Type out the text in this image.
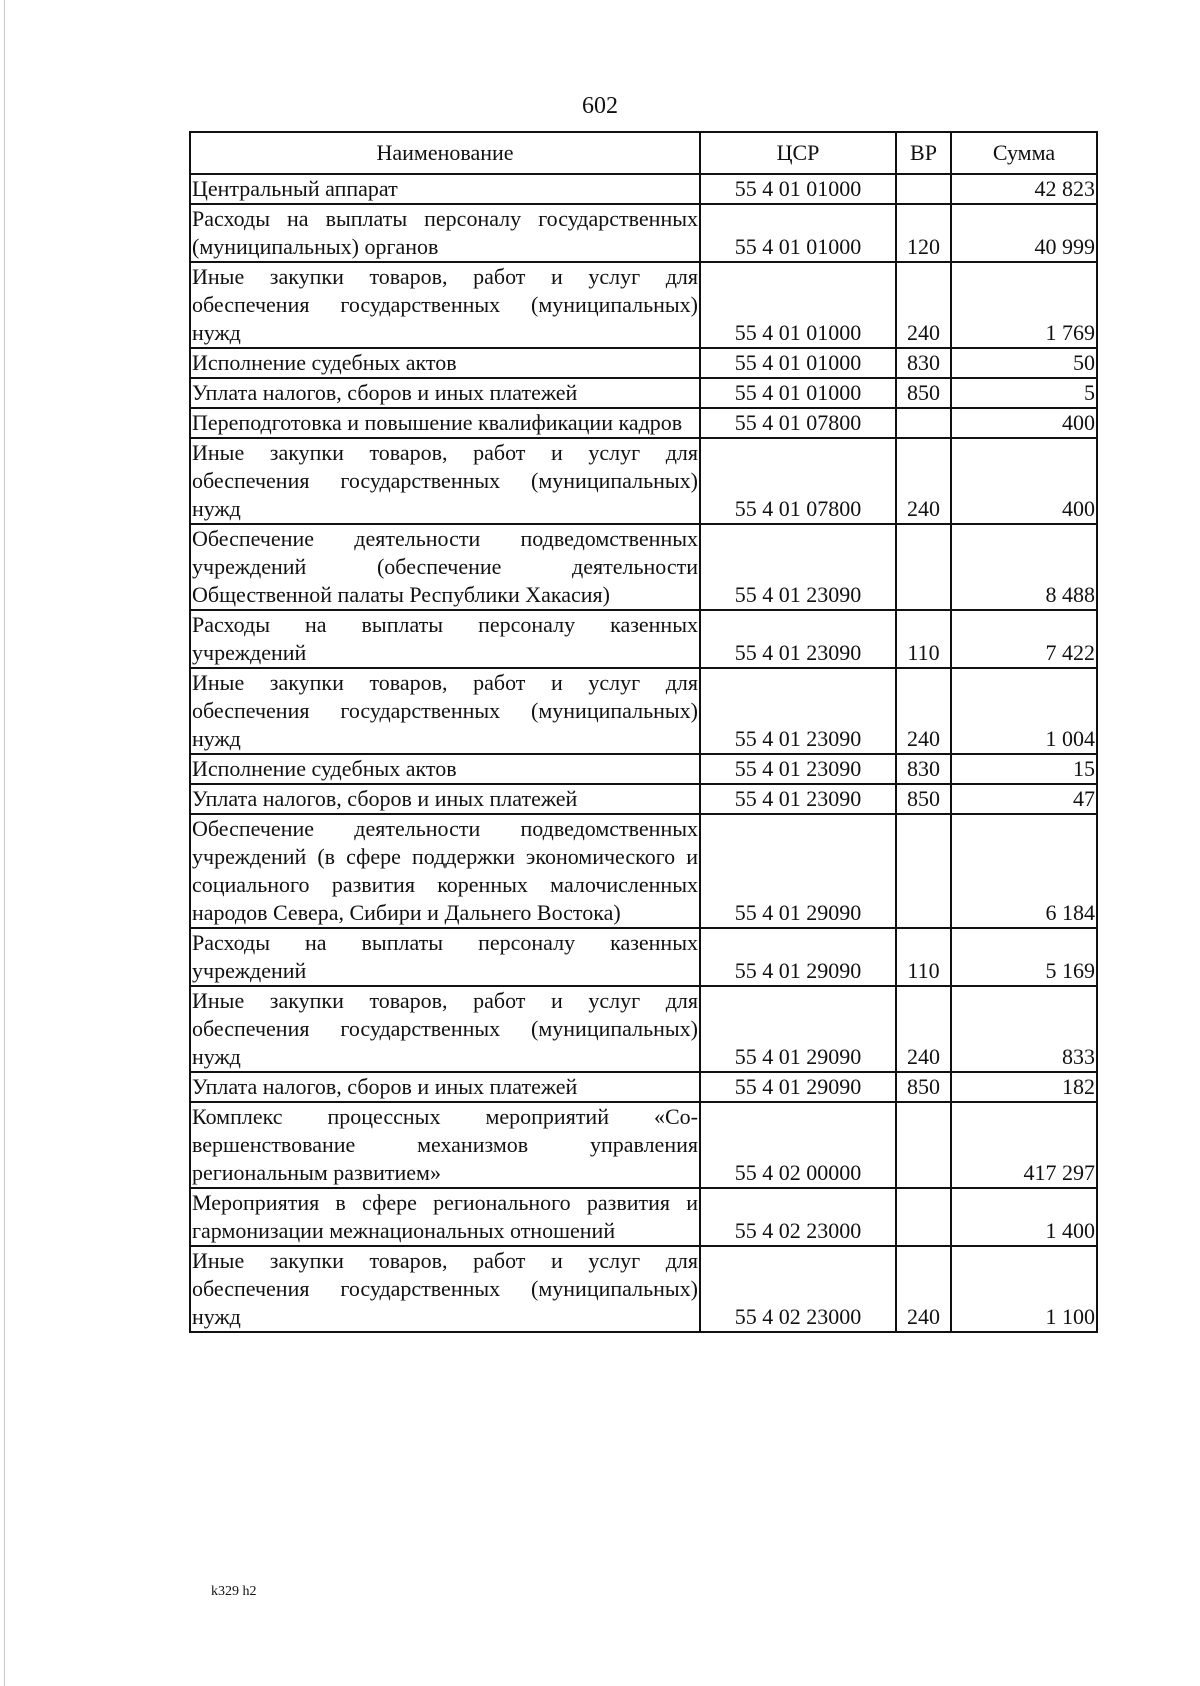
602
Наименование	ЦСР	ВР	Сумма
Центральный аппарат	55 4 01 01000		42 823
Расходы на выплаты персоналу государственных (муниципальных) органов	55 4 01 01000	120	40 999
Иные закупки товаров, работ и услуг для обеспечения государственных (муниципальных) нужд	55 4 01 01000	240	1 769
Исполнение судебных актов	55 4 01 01000	830	50
Уплата налогов, сборов и иных платежей	55 4 01 01000	850	5
Переподготовка и повышение квалификации кадров	55 4 01 07800		400
Иные закупки товаров, работ и услуг для обеспечения государственных (муниципальных) нужд	55 4 01 07800	240	400
Обеспечение деятельности подведомственных учреждений (обеспечение деятельности Общественной палаты Республики Хакасия)	55 4 01 23090		8 488
Расходы на выплаты персоналу казенных учреждений	55 4 01 23090	110	7 422
Иные закупки товаров, работ и услуг для обеспечения государственных (муниципальных) нужд	55 4 01 23090	240	1 004
Исполнение судебных актов	55 4 01 23090	830	15
Уплата налогов, сборов и иных платежей	55 4 01 23090	850	47
Обеспечение деятельности подведомственных учреждений (в сфере поддержки экономического и социального развития коренных малочисленных народов Севера, Сибири и Дальнего Востока)	55 4 01 29090		6 184
Расходы на выплаты персоналу казенных учреждений	55 4 01 29090	110	5 169
Иные закупки товаров, работ и услуг для обеспечения государственных (муниципальных) нужд	55 4 01 29090	240	833
Уплата налогов, сборов и иных платежей	55 4 01 29090	850	182
Комплекс процессных мероприятий «Совершенствование механизмов управления региональным развитием»	55 4 02 00000		417 297
Мероприятия в сфере регионального развития и гармонизации межнациональных отношений	55 4 02 23000		1 400
Иные закупки товаров, работ и услуг для обеспечения государственных (муниципальных) нужд	55 4 02 23000	240	1 100
k329 h2
